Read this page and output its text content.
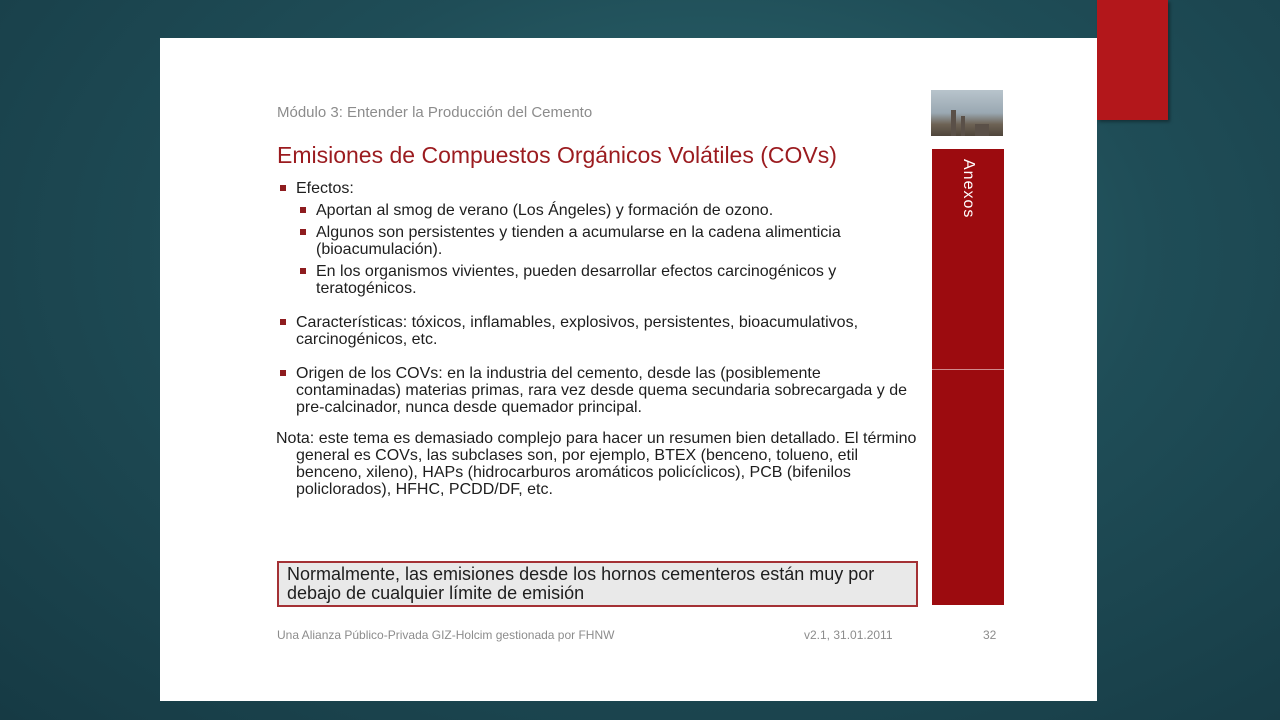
Módulo 3: Entender la Producción del Cemento
Emisiones de Compuestos Orgánicos Volátiles (COVs)
Anexos
Efectos:
Aportan al smog de verano (Los Ángeles) y formación de ozono.
Algunos son persistentes y tienden a acumularse en la cadena alimenticia (bioacumulación).
En los organismos vivientes, pueden desarrollar efectos carcinogénicos y teratogénicos.
Características: tóxicos, inflamables, explosivos, persistentes, bioacumulativos, carcinogénicos, etc.
Origen de los COVs: en la industria del cemento, desde las (posiblemente contaminadas) materias primas, rara vez desde quema secundaria sobrecargada y de pre-calcinador, nunca desde quemador principal.
Nota: este tema es demasiado complejo para hacer un resumen bien detallado. El término general es COVs, las subclases son, por ejemplo, BTEX (benceno, tolueno, etil benceno, xileno), HAPs (hidrocarburos aromáticos policíclicos), PCB (bifenilos policlorados), HFHC, PCDD/DF, etc.
Normalmente, las emisiones desde los hornos cementeros están muy por debajo de cualquier límite de emisión
Una Alianza Público-Privada GIZ-Holcim gestionada por FHNW	v2.1, 31.01.2011	32
